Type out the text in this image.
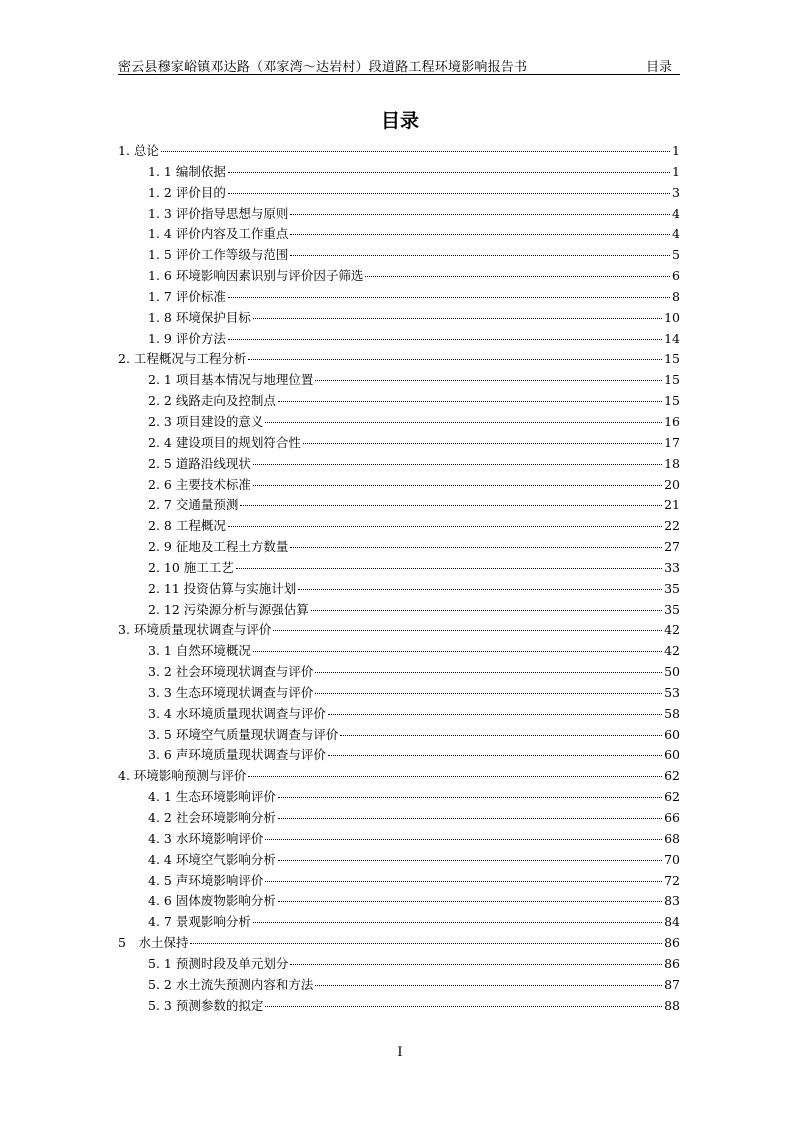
密云县穆家峪镇邓达路（邓家湾～达岩村）段道路工程环境影响报告书	目录
目录
1. 总论	1
1. 1 编制依据	1
1. 2 评价目的	3
1. 3 评价指导思想与原则	4
1. 4 评价内容及工作重点	4
1. 5 评价工作等级与范围	5
1. 6 环境影响因素识别与评价因子筛选	6
1. 7 评价标准	8
1. 8 环境保护目标	10
1. 9 评价方法	14
2. 工程概况与工程分析	15
2. 1 项目基本情况与地理位置	15
2. 2 线路走向及控制点	15
2. 3 项目建设的意义	16
2. 4 建设项目的规划符合性	17
2. 5 道路沿线现状	18
2. 6 主要技术标准	20
2. 7 交通量预测	21
2. 8 工程概况	22
2. 9 征地及工程土方数量	27
2. 10 施工工艺	33
2. 11 投资估算与实施计划	35
2. 12 污染源分析与源强估算	35
3. 环境质量现状调查与评价	42
3. 1 自然环境概况	42
3. 2 社会环境现状调查与评价	50
3. 3 生态环境现状调查与评价	53
3. 4 水环境质量现状调查与评价	58
3. 5 环境空气质量现状调查与评价	60
3. 6 声环境质量现状调查与评价	60
4. 环境影响预测与评价	62
4. 1 生态环境影响评价	62
4. 2 社会环境影响分析	66
4. 3 水环境影响评价	68
4. 4 环境空气影响分析	70
4. 5 声环境影响评价	72
4. 6 固体废物影响分析	83
4. 7 景观影响分析	84
5　水土保持	86
5. 1 预测时段及单元划分	86
5. 2 水土流失预测内容和方法	87
5. 3 预测参数的拟定	88
I
